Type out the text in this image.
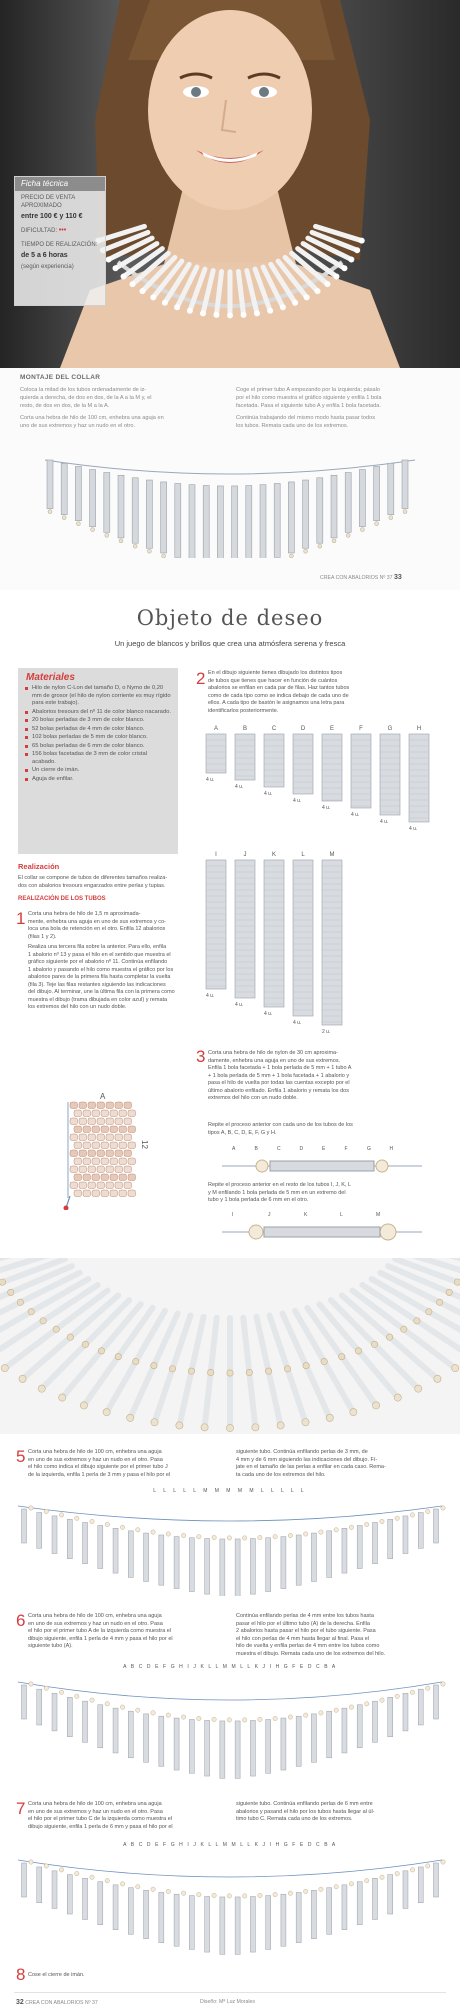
Ficha técnica
PRECIO DE VENTA APROXIMADO
entre 100 € y 110 €
DIFICULTAD: •••
TIEMPO DE REALIZACIÓN:
de 5 a 6 horas
(según experiencia)
MONTAJE DEL COLLAR
Coloca la mitad de los tubos ordenadamente de iz-
quierda a derecha, de dos en dos, de la A a la M y, el
resto, de dos en dos, de la M a la A.
Corta una hebra de hilo de 100 cm, enhebra una aguja en
uno de sus extremos y haz un nudo en el otro.
Coge el primer tubo A empezando por la izquierda; pásalo
por el hilo como muestra el gráfico siguiente y enfila 1 bola
facetada. Pasa el siguiente tubo A y enfila 1 bola facetada.
Continúa trabajando del mismo modo hasta pasar todos
los tubos. Remata cada uno de los extremos.
CREA CON ABALORIOS Nº 37 33
Objeto de deseo
Un juego de blancos y brillos que crea una atmósfera serena y fresca
Materiales
Hilo de nylon C-Lon del tamaño D, o Nymo de 0,20 mm de grosor (el hilo de nylon corriente es muy rígido para este trabajo).
Abalorios tresours del nº 11 de color blanco nacarado.
20 bolas perladas de 3 mm de color blanco.
52 bolas perladas de 4 mm de color blanco.
102 bolas perladas de 5 mm de color blanco.
65 bolas perladas de 6 mm de color blanco.
156 bolas facetadas de 3 mm de color cristal acabado.
Un cierre de imán.
Aguja de enfilar.
Realización
El collar se compone de tubos de diferentes tamaños realiza-
dos con abalorios tresours engarzados entre perlas y tupias.
REALIZACIÓN DE LOS TUBOS
1 Corta una hebra de hilo de 1,5 m aproximada-
mente, enhebra una aguja en uno de sus extremos y co-
loca una bola de retención en el otro. Enfila 12 abalorios
(filas 1 y 2).
Realiza una tercera fila sobre la anterior. Para ello, enfila
1 abalorio nº 13 y pasa el hilo en el sentido que muestra el
gráfico siguiente por el abalorio nº 11. Continúa enfilando
1 abalorio y pasando el hilo como muestra el gráfico por los
abalorios pares de la primera fila hasta completar la vuelta
(fila 3). Teje las filas restantes siguiendo las indicaciones
del dibujo. Al terminar, une la última fila con la primera como
muestra el dibujo (trama dibujada en color azul) y remata
los extremos del hilo con un nudo doble.
A
12
2 En el dibujo siguiente tienes dibujado los distintos tipos
de tubos que tienes que hacer en función de cuántos
abalorios se enfilan en cada par de filas. Haz tantos tubos
como de cada tipo como se indica debajo de cada uno de
ellos. A cada tipo de bastón le asignamos una letra para
identificarlos posteriormente.
A
4 u.
B
4 u.
C
4 u.
D
4 u.
E
4 u.
F
4 u.
G
4 u.
H
4 u.
I
4 u.
J
4 u.
K
4 u.
L
4 u.
M
2 u.
3 Corta una hebra de hilo de nylon de 30 cm aproxima-
damente, enhebra una aguja en uno de sus extremos.
Enfila 1 bola facetada + 1 bola perlada de 5 mm + 1 tubo A
+ 1 bola perlada de 5 mm + 1 bola facetada + 1 abalorio y
pasa el hilo de vuelta por todas las cuentas excepto por el
último abalorio enfilado. Enfila 1 abalorio y remata los dos
extremos del hilo con un nudo doble.
Repite el proceso anterior con cada uno de los tubos de los
tipos A, B, C, D, E, F, G y H.
A	B	C	D	E	F	G	H
Repite el proceso anterior en el resto de los tubos I, J, K, L
y M enfilando 1 bola perlada de 5 mm en un extremo del
tubo y 1 bola perlada de 6 mm en el otro.
I	J	K	L	M
5 Corta una hebra de hilo de 100 cm, enhebra una aguja
en uno de sus extremos y haz un nudo en el otro. Pasa
el hilo como indica el dibujo siguiente por el primer tubo J
de la izquierda, enfila 1 perla de 3 mm y pasa el hilo por el
siguiente tubo. Continúa enfilando perlas de 3 mm, de
4 mm y de 6 mm siguiendo las indicaciones del dibujo. Fí-
jate en el tamaño de las perlas a enfilar en cada caso. Rema-
ta cada uno de los extremos del hilo.
L L L L L M M M M M L L L L L
6 Corta una hebra de hilo de 100 cm, enhebra una aguja
en uno de sus extremos y haz un nudo en el otro. Pasa
el hilo por el primer tubo A de la izquierda como muestra el
dibujo siguiente, enfila 1 perla de 4 mm y pasa el hilo por el
siguiente tubo (A).
Continúa enfilando perlas de 4 mm entre los tubos hasta
pasar el hilo por el último tubo (A) de la derecha. Enfila
2 abalorios hasta pasar el hilo por el tubo siguiente. Pasa
el hilo con perlas de 4 mm hasta llegar al final. Pasa el
hilo de vuelta y enfila perlas de 4 mm entre los tubos como
muestra el dibujo. Remata cada uno de los extremos del hilo.
A B C D E F G H I J K L L M M L L K J I H G F E D C B A
7 Corta una hebra de hilo de 100 cm, enhebra una aguja
en uno de sus extremos y haz un nudo en el otro. Pasa
el hilo por el primer tubo C de la izquierda como muestra el
dibujo siguiente, enfila 1 perla de 6 mm y pasa el hilo por el
siguiente tubo. Continúa enfilando perlas de 6 mm entre
abalorios y pasand el hilo por los tubos hasta llegar al úl-
timo tubo C. Remata cada uno de los extremos.
A B C D E F G H I J K L L M M L L K J I H G F E D C B A
8 Cose el cierre de imán.
32 CREA CON ABALORIOS Nº 37	Diseño: Mª Luz Morales
